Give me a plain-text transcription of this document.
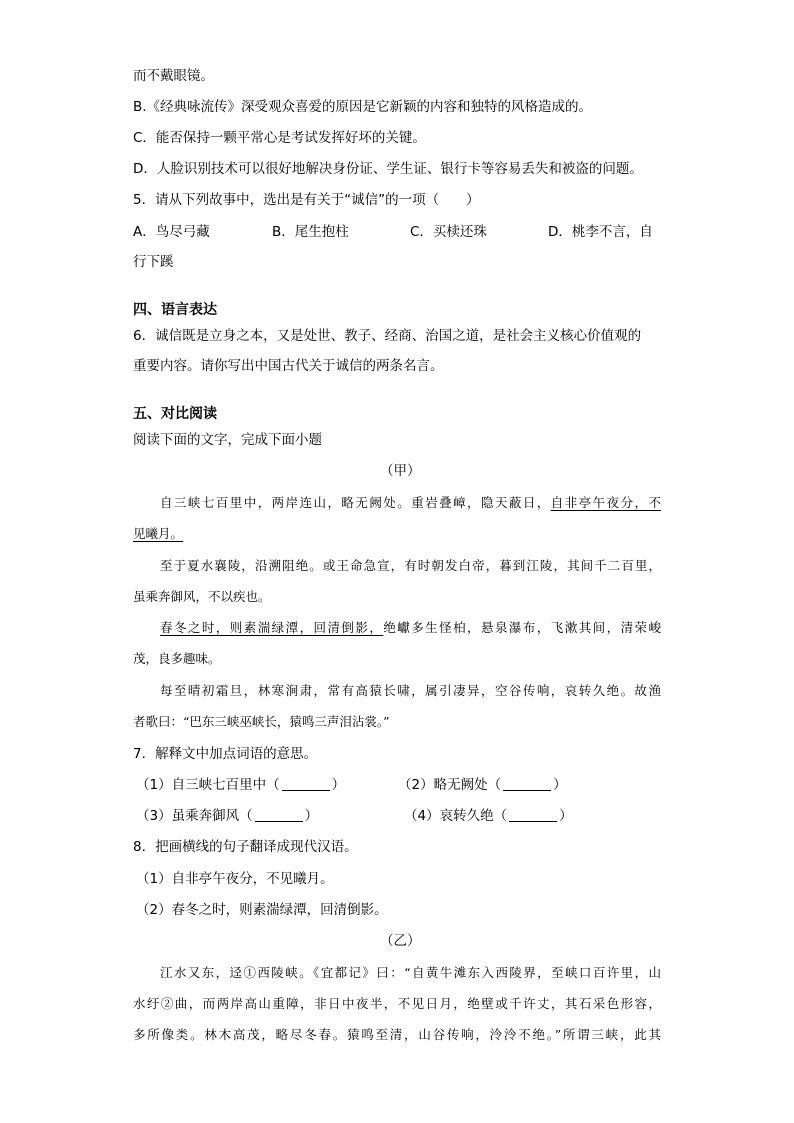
而不戴眼镜。
B.《经典咏流传》深受观众喜爱的原因是它新颖的内容和独特的风格造成的。
C．能否保持一颗平常心是考试发挥好坏的关键。
D．人脸识别技术可以很好地解决身份证、学生证、银行卡等容易丢失和被盗的问题。
5．请从下列故事中，选出是有关于“诚信”的一项（　　）
A．鸟尽弓藏	B．尾生抱柱	C．买椟还珠	D．桃李不言，自
行下蹊
四、语言表达
6．诚信既是立身之本，又是处世、教子、经商、治国之道，是社会主义核心价值观的
重要内容。请你写出中国古代关于诚信的两条名言。
五、对比阅读
阅读下面的文字，完成下面小题
（甲）
自三峡七百里中，两岸连山，略无阙处。重岩叠嶂，隐天蔽日，自非亭午夜分，不
见曦月。
至于夏水襄陵，沿溯阻绝。或王命急宣，有时朝发白帝，暮到江陵，其间千二百里，
虽乘奔御风，不以疾也。
春冬之时，则素湍绿潭，回清倒影，绝巘多生怪柏，悬泉瀑布，飞漱其间，清荣峻
茂，良多趣味。
每至晴初霜旦，林寒涧肃，常有高猿长啸，属引凄异，空谷传响，哀转久绝。故渔
者歌曰：“巴东三峡巫峡长，猿鸣三声泪沾裳。”
7．解释文中加点词语的意思。
（1）自三峡七百里中（	）	（2）略无阙处（	）
（3）虽乘奔御风（	）	（4）哀转久绝（	）
8．把画横线的句子翻译成现代汉语。
（1）自非亭午夜分，不见曦月。
（2）春冬之时，则素湍绿潭，回清倒影。
（乙）
江水又东，迳①西陵峡。《宜都记》曰：“自黄牛滩东入西陵界，至峡口百许里，山
水纡②曲，而两岸高山重障，非日中夜半，不见日月，绝壁或千许丈，其石采色形容，
多所像类。林木高茂，略尽冬春。猿鸣至清，山谷传响，泠泠不绝。”所谓三峡，此其
